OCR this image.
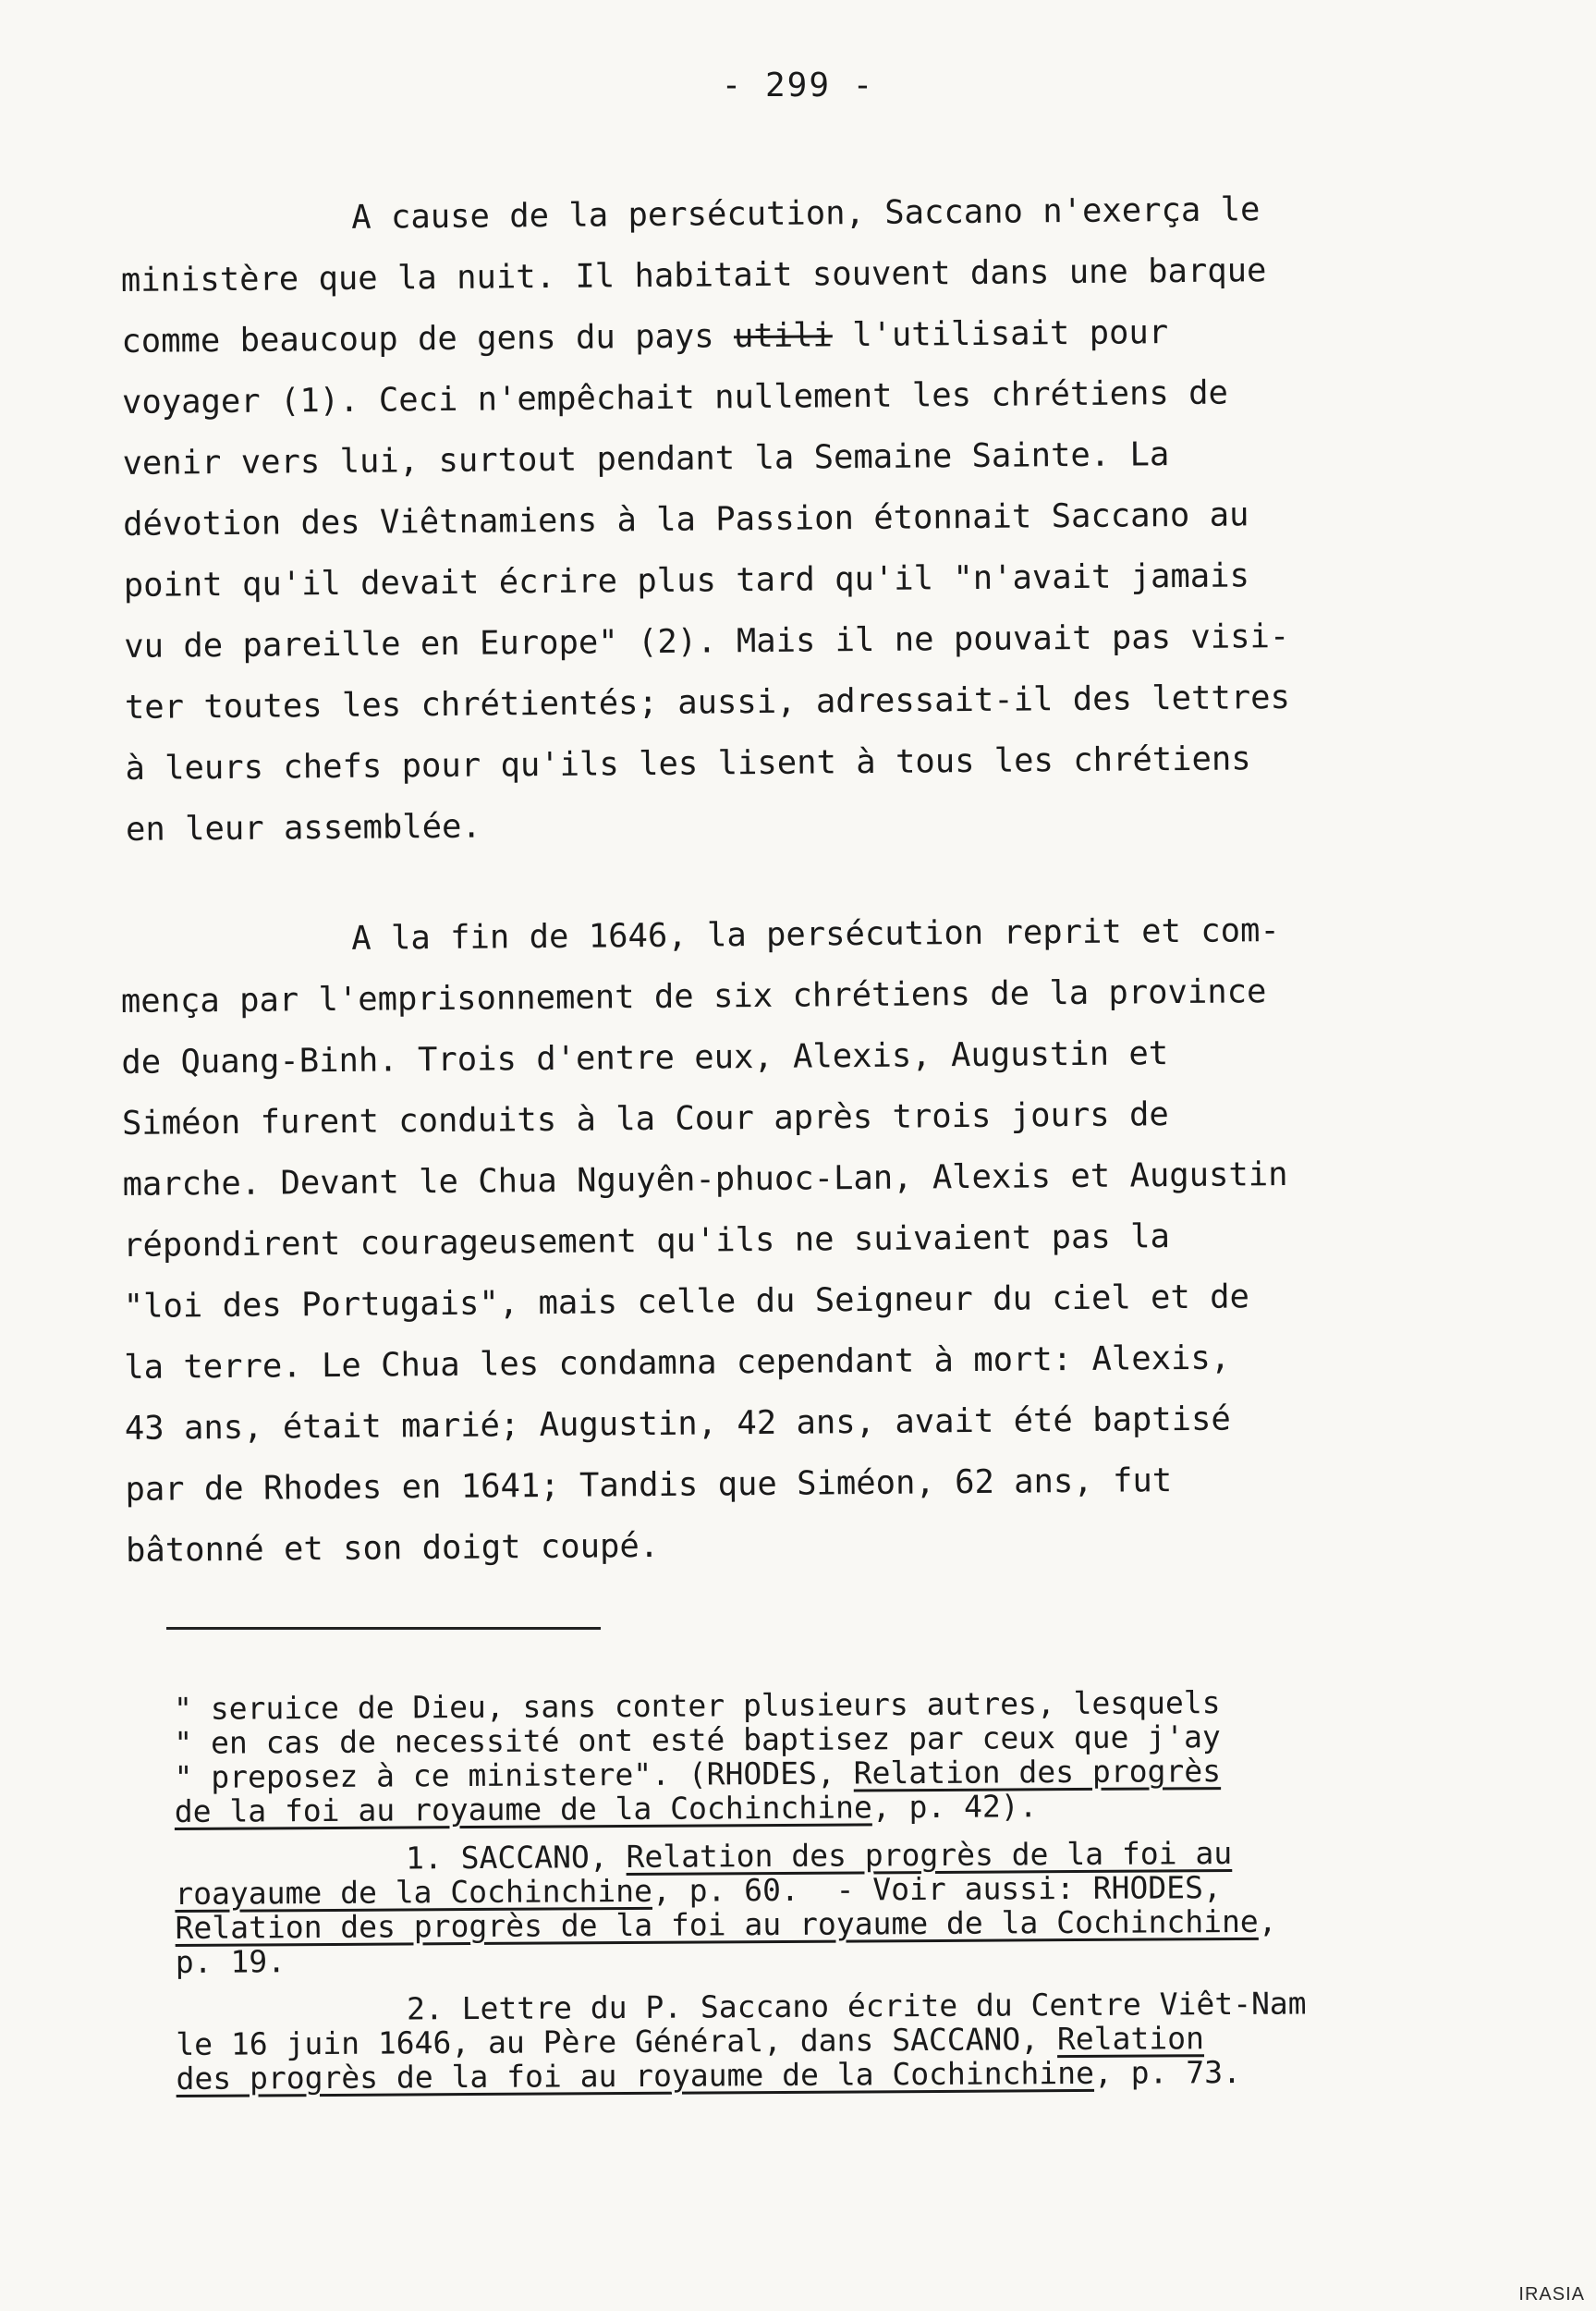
- 299 -
A cause de la persécution, Saccano n'exerça le
ministère que la nuit. Il habitait souvent dans une barque
comme beaucoup de gens du pays utili l'utilisait pour
voyager (1). Ceci n'empêchait nullement les chrétiens de
venir vers lui, surtout pendant la Semaine Sainte. La
dévotion des Viêtnamiens à la Passion étonnait Saccano au
point qu'il devait écrire plus tard qu'il "n'avait jamais
vu de pareille en Europe" (2). Mais il ne pouvait pas visi-
ter toutes les chrétientés; aussi, adressait-il des lettres
à leurs chefs pour qu'ils les lisent à tous les chrétiens
en leur assemblée.
A la fin de 1646, la persécution reprit et com-
mença par l'emprisonnement de six chrétiens de la province
de Quang-Binh. Trois d'entre eux, Alexis, Augustin et
Siméon furent conduits à la Cour après trois jours de
marche. Devant le Chua Nguyên-phuoc-Lan, Alexis et Augustin
répondirent courageusement qu'ils ne suivaient pas la
"loi des Portugais", mais celle du Seigneur du ciel et de
la terre. Le Chua les condamna cependant à mort: Alexis,
43 ans, était marié; Augustin, 42 ans, avait été baptisé
par de Rhodes en 1641; Tandis que Siméon, 62 ans, fut
bâtonné et son doigt coupé.
" seruice de Dieu, sans conter plusieurs autres, lesquels
" en cas de necessité ont esté baptisez par ceux que j'ay
" preposez à ce ministere". (RHODES, Relation des progrès
de la foi au royaume de la Cochinchine, p. 42).
1. SACCANO, Relation des progrès de la foi au
roayaume de la Cochinchine, p. 60.  - Voir aussi: RHODES,
Relation des progrès de la foi au royaume de la Cochinchine,
p. 19.
2. Lettre du P. Saccano écrite du Centre Viêt-Nam
le 16 juin 1646, au Père Général, dans SACCANO, Relation
des progrès de la foi au royaume de la Cochinchine, p. 73.
IRASIA
